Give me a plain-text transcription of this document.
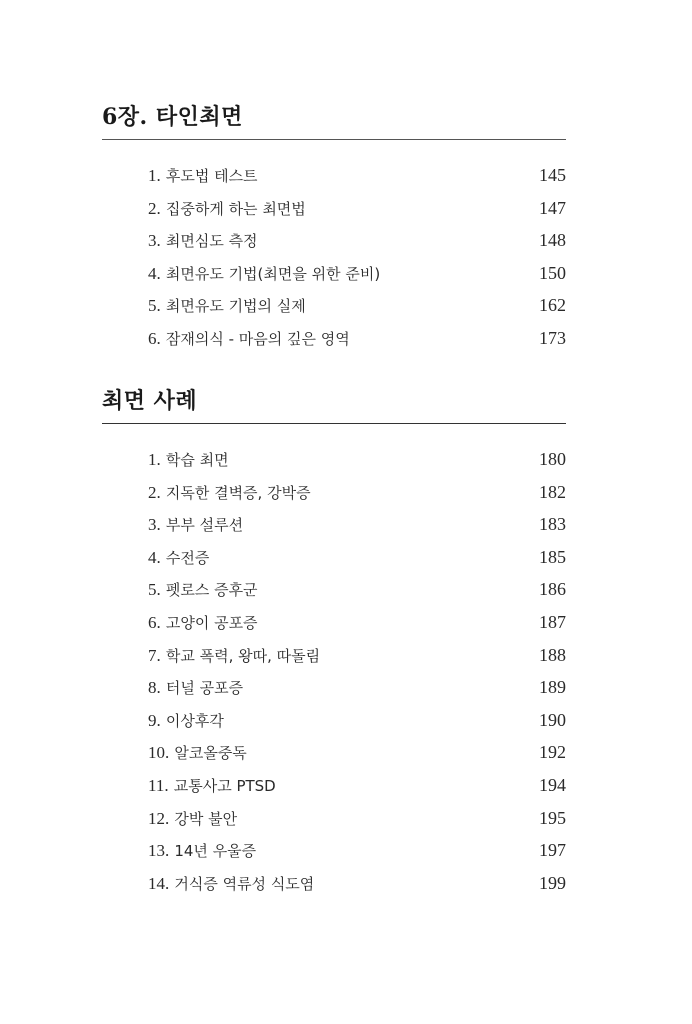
6장. 타인최면
1. 후도법 테스트	145
2. 집중하게 하는 최면법	147
3. 최면심도 측정	148
4. 최면유도 기법(최면을 위한 준비)	150
5. 최면유도 기법의 실제	162
6. 잠재의식 - 마음의 깊은 영역	173
최면 사례
1. 학습 최면	180
2. 지독한 결벽증, 강박증	182
3. 부부 설루션	183
4. 수전증	185
5. 펫로스 증후군	186
6. 고양이 공포증	187
7. 학교 폭력, 왕따, 따돌림	188
8. 터널 공포증	189
9. 이상후각	190
10. 알코올중독	192
11. 교통사고 PTSD	194
12. 강박 불안	195
13. 14년 우울증	197
14. 거식증 역류성 식도염	199
